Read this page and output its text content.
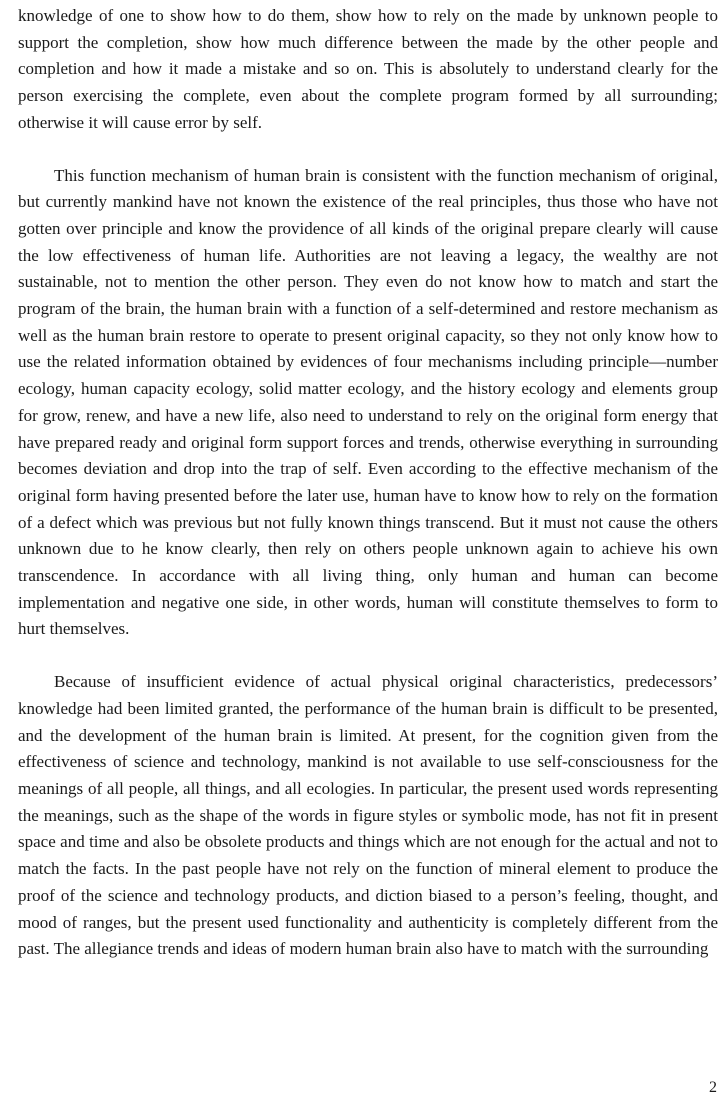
knowledge of one to show how to do them, show how to rely on the made by unknown people to support the completion, show how much difference between the made by the other people and completion and how it made a mistake and so on. This is absolutely to understand clearly for the person exercising the complete, even about the complete program formed by all surrounding; otherwise it will cause error by self.

This function mechanism of human brain is consistent with the function mechanism of original, but currently mankind have not known the existence of the real principles, thus those who have not gotten over principle and know the providence of all kinds of the original prepare clearly will cause the low effectiveness of human life. Authorities are not leaving a legacy, the wealthy are not sustainable, not to mention the other person. They even do not know how to match and start the program of the brain, the human brain with a function of a self-determined and restore mechanism as well as the human brain restore to operate to present original capacity, so they not only know how to use the related information obtained by evidences of four mechanisms including principle—number ecology, human capacity ecology, solid matter ecology, and the history ecology and elements group for grow, renew, and have a new life, also need to understand to rely on the original form energy that have prepared ready and original form support forces and trends, otherwise everything in surrounding becomes deviation and drop into the trap of self. Even according to the effective mechanism of the original form having presented before the later use, human have to know how to rely on the formation of a defect which was previous but not fully known things transcend. But it must not cause the others unknown due to he know clearly, then rely on others people unknown again to achieve his own transcendence. In accordance with all living thing, only human and human can become implementation and negative one side, in other words, human will constitute themselves to form to hurt themselves.

Because of insufficient evidence of actual physical original characteristics, predecessors’ knowledge had been limited granted, the performance of the human brain is difficult to be presented, and the development of the human brain is limited. At present, for the cognition given from the effectiveness of science and technology, mankind is not available to use self-consciousness for the meanings of all people, all things, and all ecologies. In particular, the present used words representing the meanings, such as the shape of the words in figure styles or symbolic mode, has not fit in present space and time and also be obsolete products and things which are not enough for the actual and not to match the facts. In the past people have not rely on the function of mineral element to produce the proof of the science and technology products, and diction biased to a person’s feeling, thought, and mood of ranges, but the present used functionality and authenticity is completely different from the past. The allegiance trends and ideas of modern human brain also have to match with the surrounding

2
